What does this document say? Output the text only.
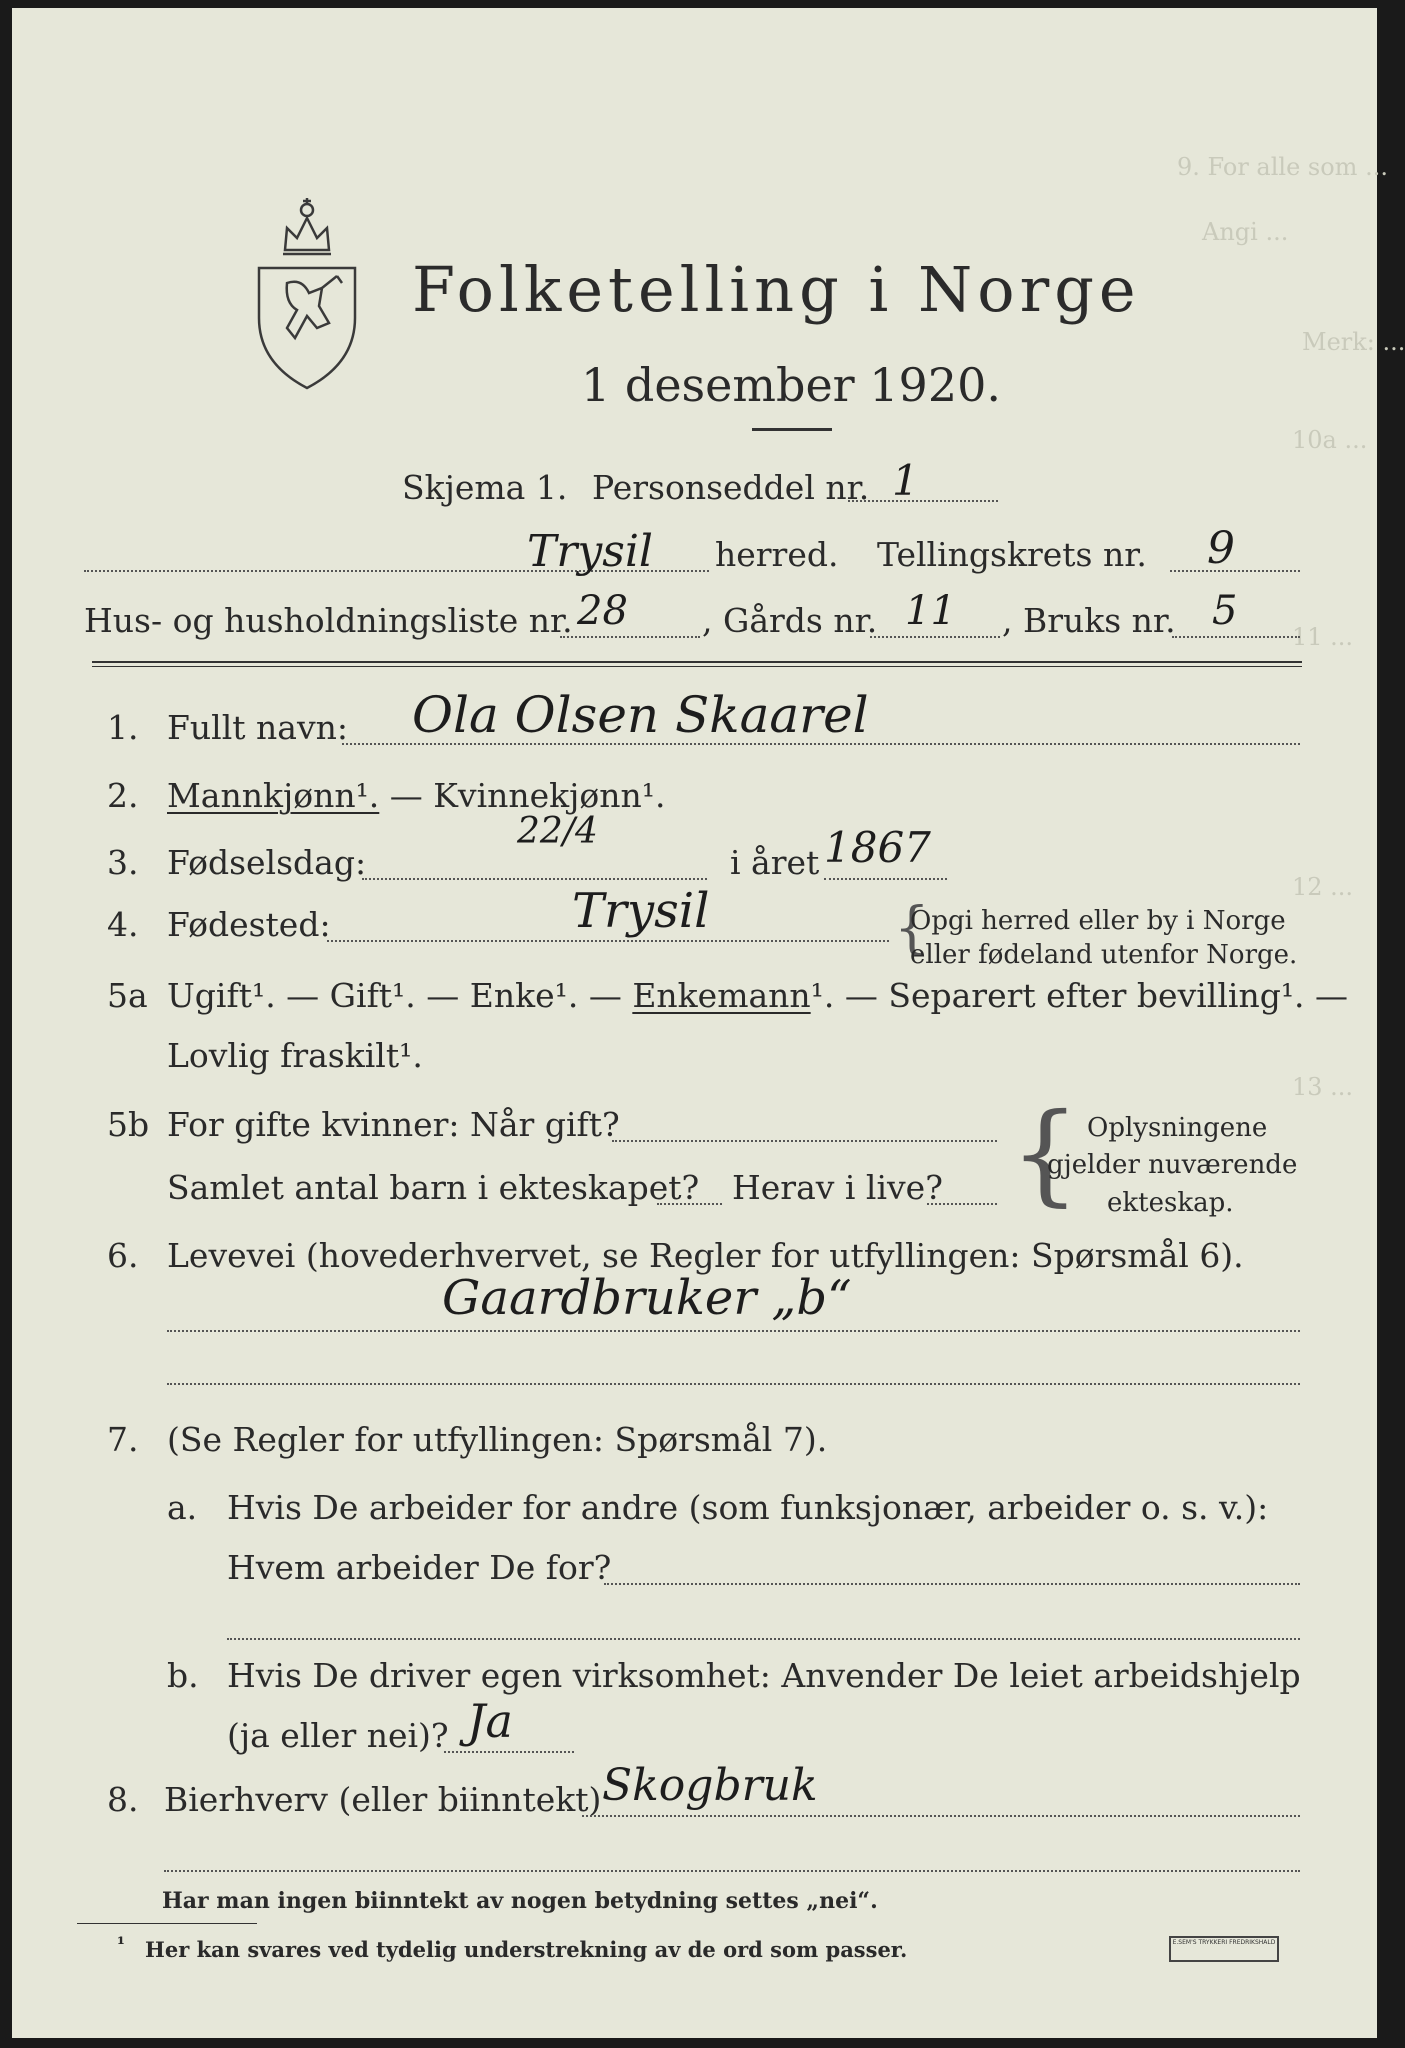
9. For alle som ...
Angi ...
Merk: ...
10a ...
11 ...
12 ...
13 ...
Folketelling i Norge
1 desember 1920.
Skjema 1. Personseddel nr. 1
Trysil herred. Tellingskrets nr. 9
Hus- og husholdningsliste nr. 28 , Gårds nr. 11 , Bruks nr. 5
1. Fullt navn: Ola Olsen Skaarel
2. Mannkjønn¹. — Kvinnekjønn¹.
3. Fødselsdag:
22/4
i året 1867
4. Fødested:	Trysil	{
Opgi herred eller by i Norge
eller fødeland utenfor Norge.
5a Ugift¹. — Gift¹. — Enke¹. — Enkemann¹. — Separert efter bevilling¹. —
Lovlig fraskilt¹.
5b For gifte kvinner: Når gift?
Samlet antal barn i ekteskapet? Herav i live? { Oplysningene
gjelder nuværende
ekteskap.
6. Levevei (hovederhvervet, se Regler for utfyllingen: Spørsmål 6).
Gaardbruker „b“
7. (Se Regler for utfyllingen: Spørsmål 7).
a. Hvis De arbeider for andre (som funksjonær, arbeider o. s. v.):
Hvem arbeider De for?
b. Hvis De driver egen virksomhet: Anvender De leiet arbeidshjelp
(ja eller nei)? Ja
8. Bierhverv (eller biinntekt) Skogbruk
Har man ingen biinntekt av nogen betydning settes „nei“.
¹ Her kan svares ved tydelig understrekning av de ord som passer.	E.SEM'S TRYKKERI FREDRIKSHALD
